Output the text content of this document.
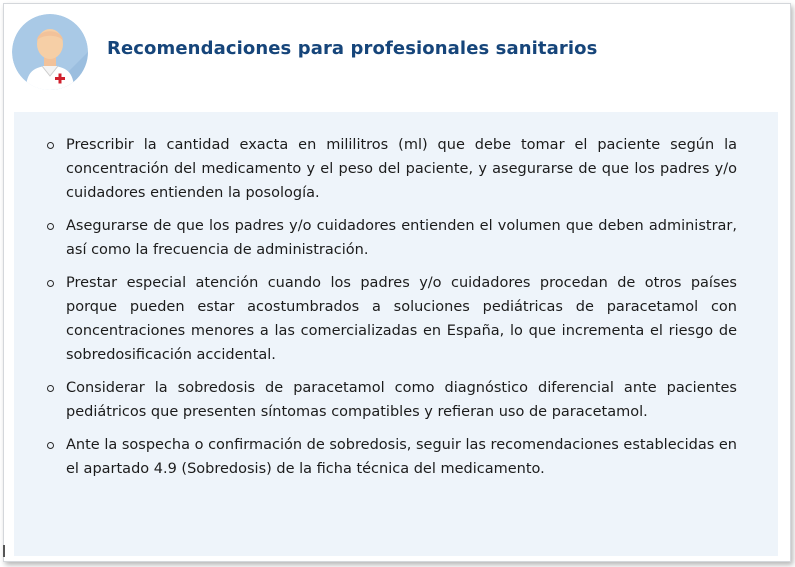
Recomendaciones para profesionales sanitarios
Prescribir la cantidad exacta en mililitros (ml) que debe tomar el paciente según la concentración del medicamento y el peso del paciente, y asegurarse de que los padres y/o cuidadores entienden la posología.
Asegurarse de que los padres y/o cuidadores entienden el volumen que deben administrar, así como la frecuencia de administración.
Prestar especial atención cuando los padres y/o cuidadores procedan de otros países porque pueden estar acostumbrados a soluciones pediátricas de paracetamol con concentraciones menores a las comercializadas en España, lo que incrementa el riesgo de sobredosificación accidental.
Considerar la sobredosis de paracetamol como diagnóstico diferencial ante pacientes pediátricos que presenten síntomas compatibles y refieran uso de paracetamol.
Ante la sospecha o confirmación de sobredosis, seguir las recomendaciones establecidas en el apartado 4.9 (Sobredosis) de la ficha técnica del medicamento.
